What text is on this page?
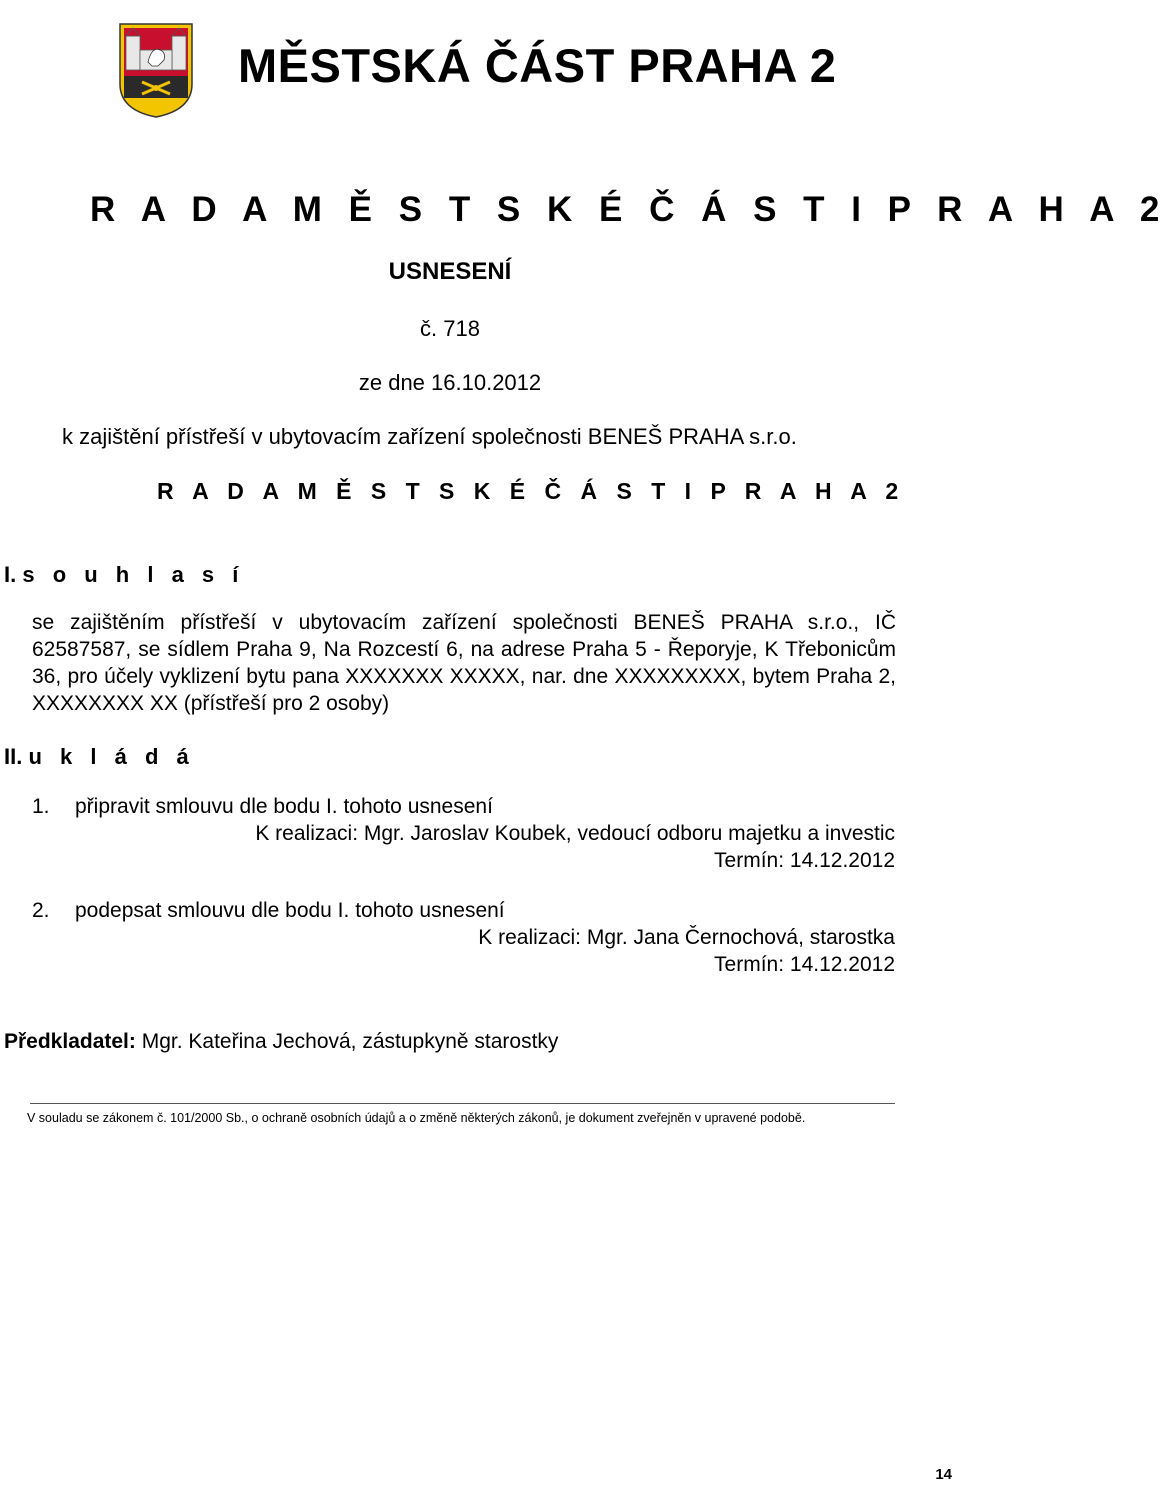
MĚSTSKÁ ČÁST PRAHA 2
R A D A M Ě S T S K É Č Á S T I P R A H A 2
USNESENÍ
č. 718
ze dne 16.10.2012
k zajištění přístřeší v ubytovacím zařízení společnosti BENEŠ PRAHA s.r.o.
R A D A M Ě S T S K É Č Á S T I P R A H A 2
I. s o u h l a s í
se zajištěním přístřeší v ubytovacím zařízení společnosti BENEŠ PRAHA s.r.o., IČ 62587587, se sídlem Praha 9, Na Rozcestí 6, na adrese Praha 5 - Řeporyje, K Třebonicům 36, pro účely vyklizení bytu pana XXXXXXX XXXXX, nar. dne XXXXXXXXX, bytem Praha 2, XXXXXXXX XX (přístřeší pro 2 osoby)
II. u k l á d á
1. připravit smlouvu dle bodu I. tohoto usnesení
K realizaci: Mgr. Jaroslav Koubek, vedoucí odboru majetku a investic
Termín: 14.12.2012
2. podepsat smlouvu dle bodu I. tohoto usnesení
K realizaci: Mgr. Jana Černochová, starostka
Termín: 14.12.2012
Předkladatel: Mgr. Kateřina Jechová, zástupkyně starostky
V souladu se zákonem č. 101/2000 Sb., o ochraně osobních údajů a o změně některých zákonů, je dokument zveřejněn v upravené podobě.
14
